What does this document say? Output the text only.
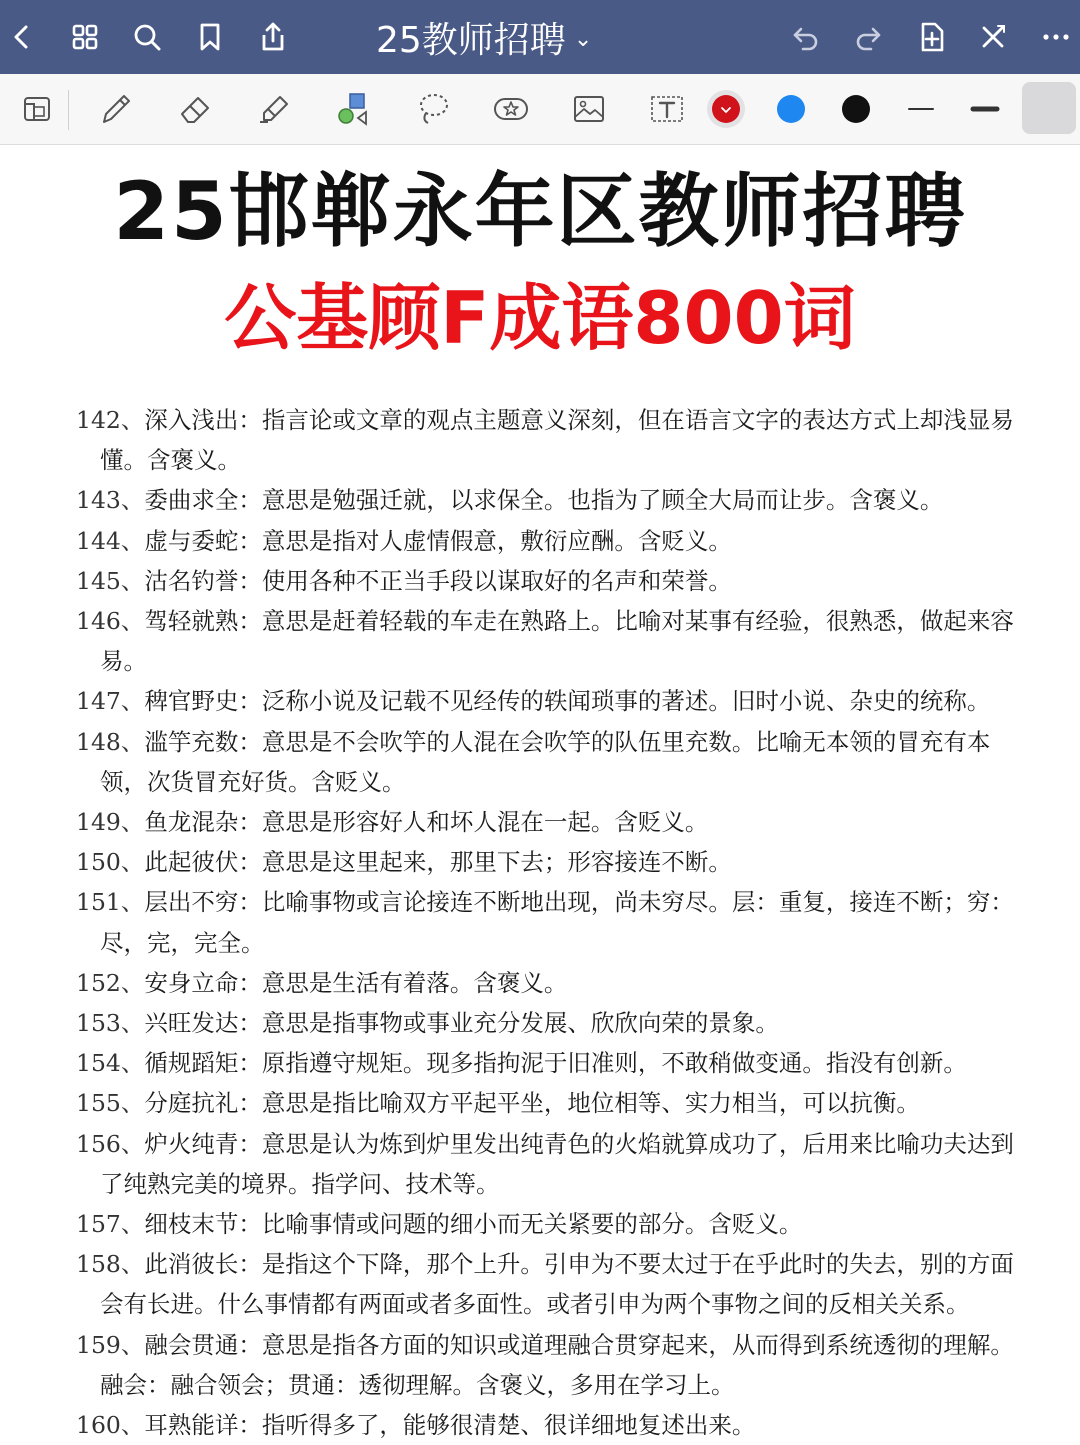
25教师招聘 ⌄
25邯郸永年区教师招聘
公基顾F成语800词
142、深入浅出：指言论或文章的观点主题意义深刻，但在语言文字的表达方式上却浅显易懂。含褒义。
143、委曲求全：意思是勉强迁就，以求保全。也指为了顾全大局而让步。含褒义。
144、虚与委蛇：意思是指对人虚情假意，敷衍应酬。含贬义。
145、沽名钓誉：使用各种不正当手段以谋取好的名声和荣誉。
146、驾轻就熟：意思是赶着轻载的车走在熟路上。比喻对某事有经验，很熟悉，做起来容易。
147、稗官野史：泛称小说及记载不见经传的轶闻琐事的著述。旧时小说、杂史的统称。
148、滥竽充数：意思是不会吹竽的人混在会吹竽的队伍里充数。比喻无本领的冒充有本领，次货冒充好货。含贬义。
149、鱼龙混杂：意思是形容好人和坏人混在一起。含贬义。
150、此起彼伏：意思是这里起来，那里下去；形容接连不断。
151、层出不穷：比喻事物或言论接连不断地出现，尚未穷尽。层：重复，接连不断；穷：尽，完，完全。
152、安身立命：意思是生活有着落。含褒义。
153、兴旺发达：意思是指事物或事业充分发展、欣欣向荣的景象。
154、循规蹈矩：原指遵守规矩。现多指拘泥于旧准则，不敢稍做变通。指没有创新。
155、分庭抗礼：意思是指比喻双方平起平坐，地位相等、实力相当，可以抗衡。
156、炉火纯青：意思是认为炼到炉里发出纯青色的火焰就算成功了，后用来比喻功夫达到了纯熟完美的境界。指学问、技术等。
157、细枝末节：比喻事情或问题的细小而无关紧要的部分。含贬义。
158、此消彼长：是指这个下降，那个上升。引申为不要太过于在乎此时的失去，别的方面会有长进。什么事情都有两面或者多面性。或者引申为两个事物之间的反相关关系。
159、融会贯通：意思是指各方面的知识或道理融合贯穿起来，从而得到系统透彻的理解。融会：融合领会；贯通：透彻理解。含褒义，多用在学习上。
160、耳熟能详：指听得多了，能够很清楚、很详细地复述出来。
